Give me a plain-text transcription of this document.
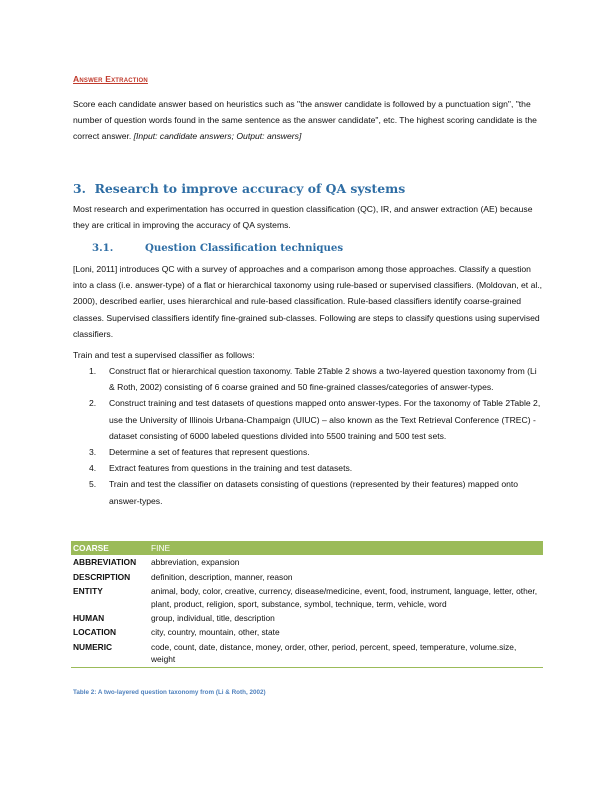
Answer Extraction
Score each candidate answer based on heuristics such as "the answer candidate is followed by a punctuation sign", "the number of question words found in the same sentence as the answer candidate", etc. The highest scoring candidate is the correct answer. [Input: candidate answers; Output: answers]
3. Research to improve accuracy of QA systems
Most research and experimentation has occurred in question classification (QC), IR, and answer extraction (AE) because they are critical in improving the accuracy of QA systems.
3.1.	Question Classification techniques
[Loni, 2011] introduces QC with a survey of approaches and a comparison among those approaches. Classify a question into a class (i.e. answer-type) of a flat or hierarchical taxonomy using rule-based or supervised classifiers. (Moldovan, et al., 2000), described earlier, uses hierarchical and rule-based classification. Rule-based classifiers identify coarse-grained classes. Supervised classifiers identify fine-grained sub-classes. Following are steps to classify questions using supervised classifiers.
Train and test a supervised classifier as follows:
1. Construct flat or hierarchical question taxonomy. Table 2Table 2 shows a two-layered question taxonomy from (Li & Roth, 2002) consisting of 6 coarse grained and 50 fine-grained classes/categories of answer-types.
2. Construct training and test datasets of questions mapped onto answer-types. For the taxonomy of Table 2Table 2, use the University of Illinois Urbana-Champaign (UIUC) – also known as the Text Retrieval Conference (TREC) - dataset consisting of 6000 labeled questions divided into 5500 training and 500 test sets.
3. Determine a set of features that represent questions.
4. Extract features from questions in the training and test datasets.
5. Train and test the classifier on datasets consisting of questions (represented by their features) mapped onto answer-types.
COARSE	FINE
ABBREVIATION	abbreviation, expansion
DESCRIPTION	definition, description, manner, reason
ENTITY	animal, body, color, creative, currency, disease/medicine, event, food, instrument, language, letter, other, plant, product, religion, sport, substance, symbol, technique, term, vehicle, word
HUMAN	group, individual, title, description
LOCATION	city, country, mountain, other, state
NUMERIC	code, count, date, distance, money, order, other, period, percent, speed, temperature, volume.size, weight
Table 2: A two-layered question taxonomy from (Li & Roth, 2002)
